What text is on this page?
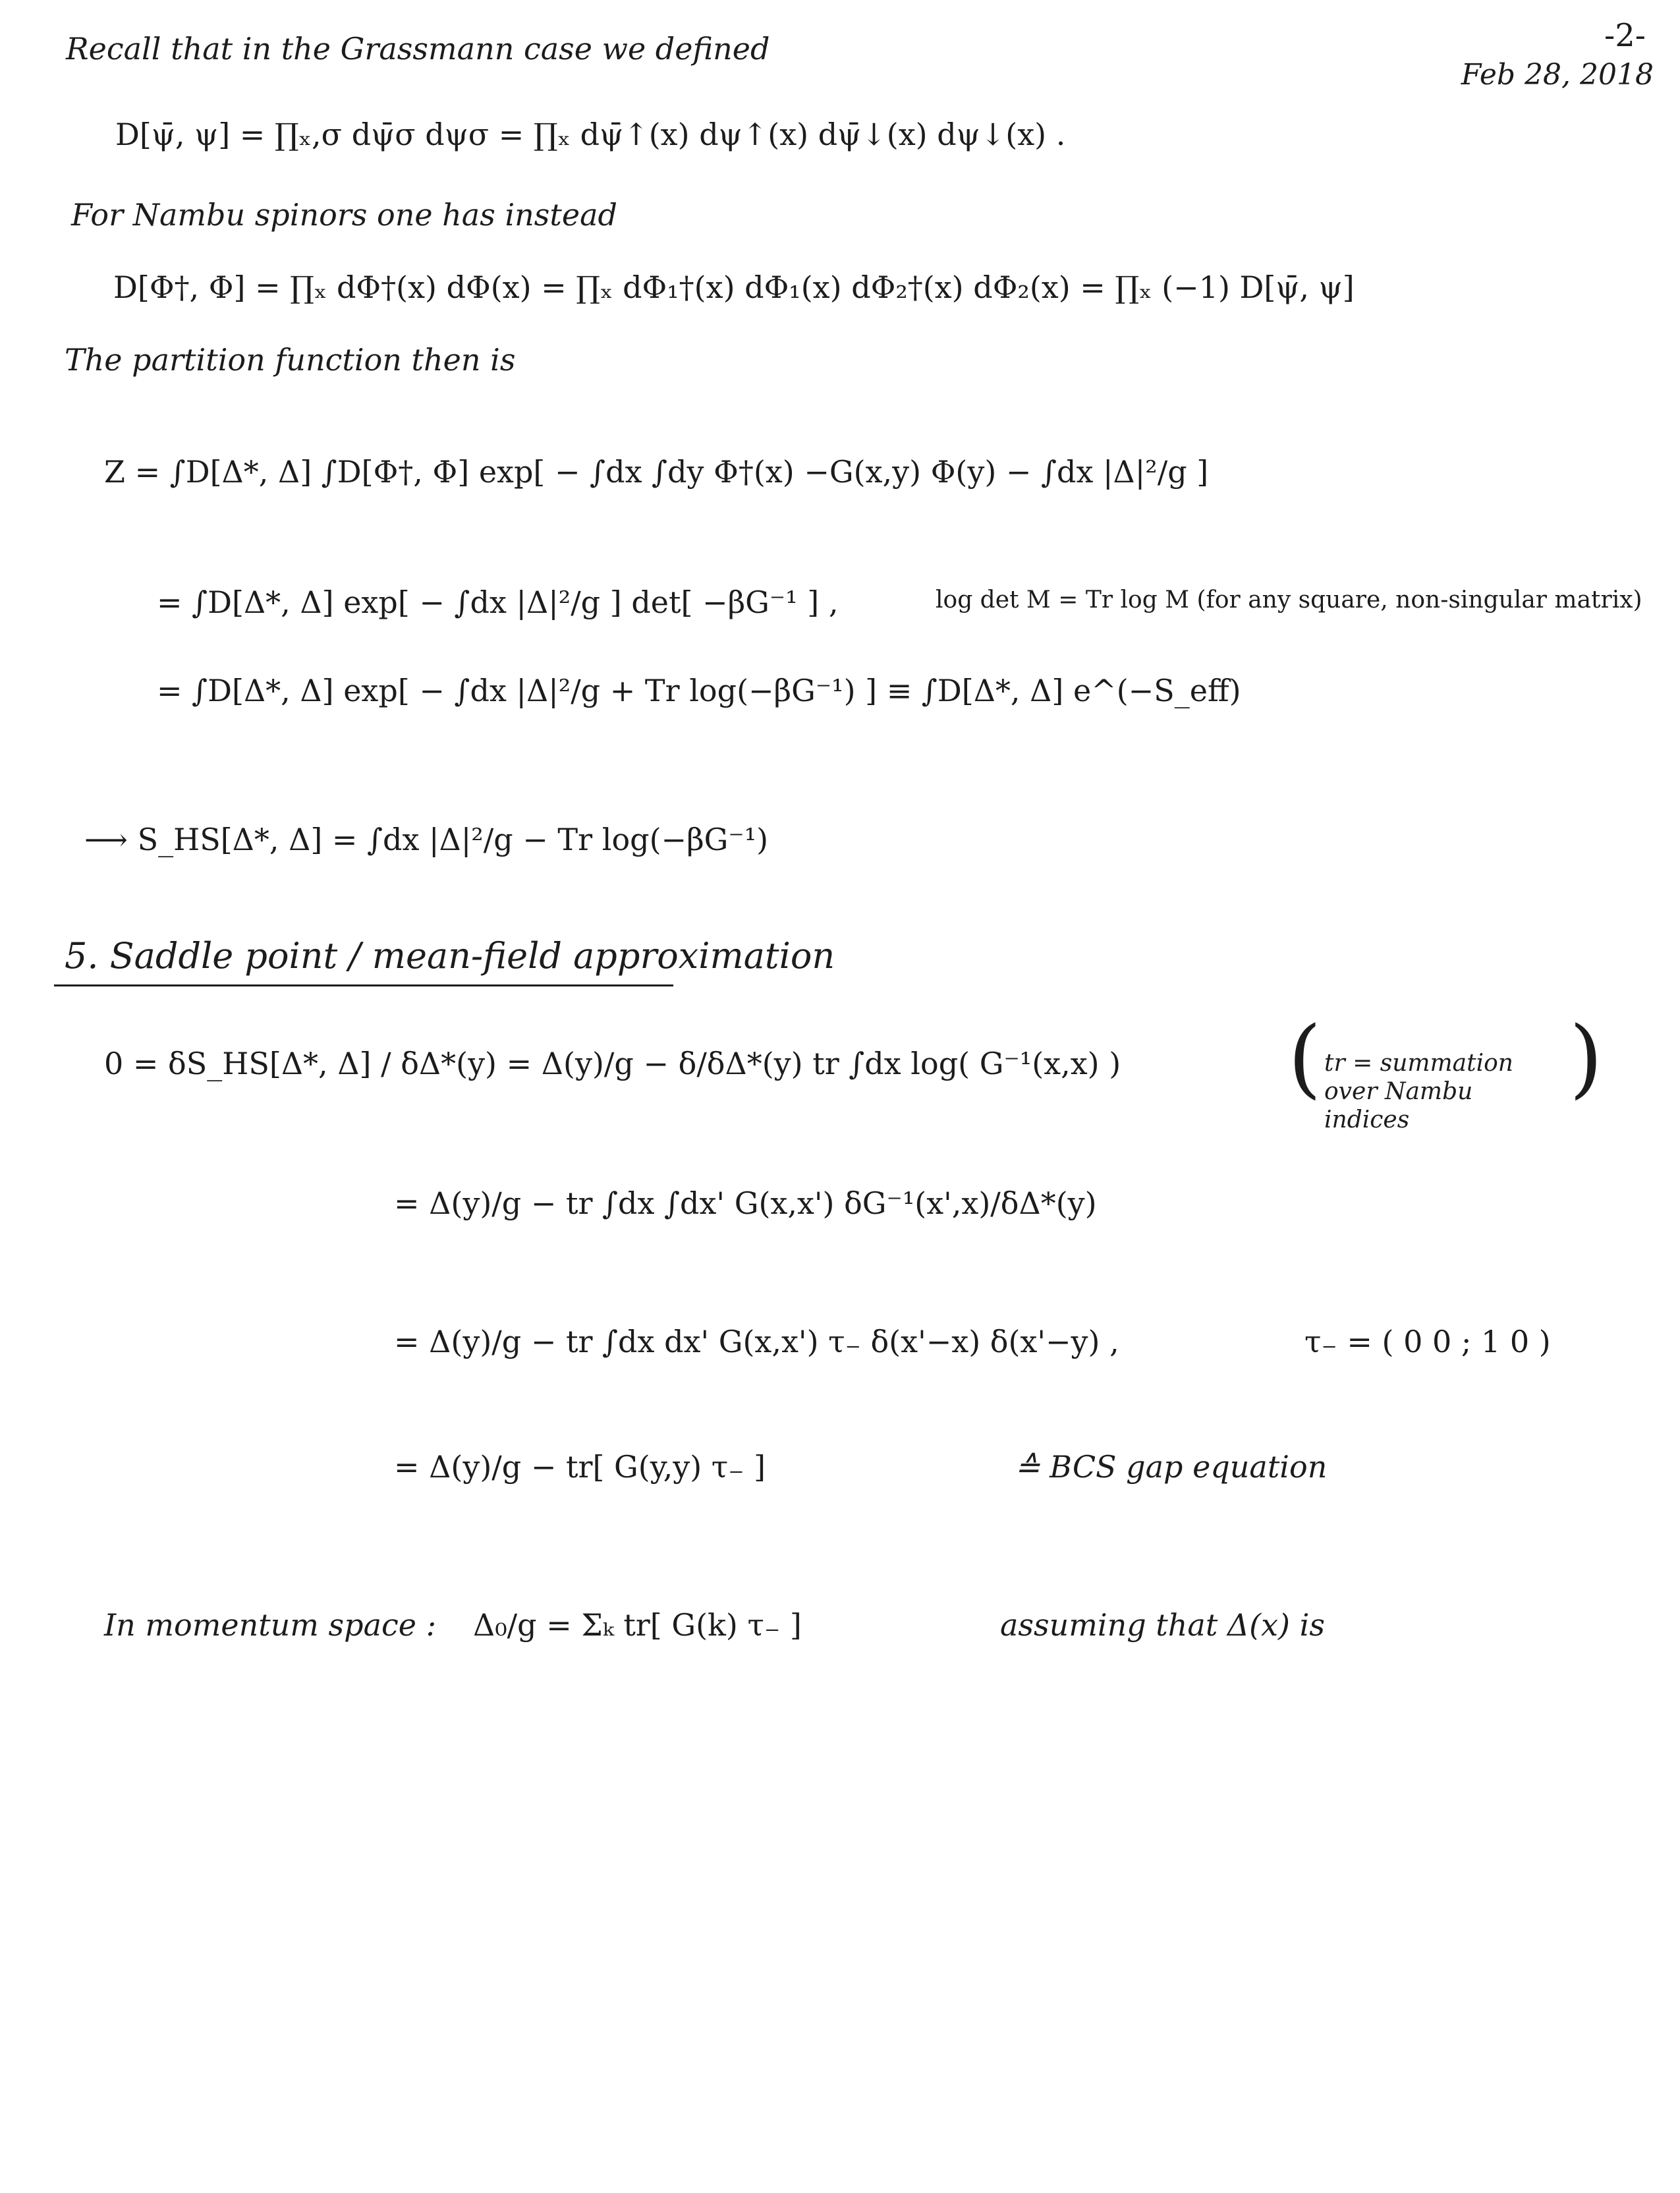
-2-
Feb 28, 2018
Recall that in the Grassmann case we defined
D[ψ̄, ψ] = ∏ₓ,σ dψ̄σ dψσ = ∏ₓ dψ̄↑(x) dψ↑(x) dψ̄↓(x) dψ↓(x) .
For Nambu spinors one has instead
D[Φ†, Φ] = ∏ₓ dΦ†(x) dΦ(x) = ∏ₓ dΦ₁†(x) dΦ₁(x) dΦ₂†(x) dΦ₂(x) = ∏ₓ (−1) D[ψ̄, ψ]
The partition function then is
Z = ∫D[Δ*, Δ] ∫D[Φ†, Φ] exp[ − ∫dx ∫dy Φ†(x) −G(x,y) Φ(y) − ∫dx |Δ|²/g ]
= ∫D[Δ*, Δ] exp[ − ∫dx |Δ|²/g ] det[ −βG⁻¹ ] ,	log det M = Tr log M (for any square, non-singular matrix)
= ∫D[Δ*, Δ] exp[ − ∫dx |Δ|²/g + Tr log(−βG⁻¹) ] ≡ ∫D[Δ*, Δ] e^(−S_eff)
⟶ S_HS[Δ*, Δ] = ∫dx |Δ|²/g − Tr log(−βG⁻¹)
5. Saddle point / mean-field approximation
0 = δS_HS[Δ*, Δ] / δΔ*(y) = Δ(y)/g − δ/δΔ*(y) tr ∫dx log( G⁻¹(x,x) ) ( tr = summation over Nambu indices
)
= Δ(y)/g − tr ∫dx ∫dx' G(x,x') δG⁻¹(x',x)/δΔ*(y)
= Δ(y)/g − tr ∫dx dx' G(x,x') τ₋ δ(x'−x) δ(x'−y) ,	τ₋ = ( 0 0 ; 1 0 )
= Δ(y)/g − tr[ G(y,y) τ₋ ]	≙ BCS gap equation
In momentum space : Δ₀/g = Σₖ tr[ G(k) τ₋ ]	assuming that Δ(x) is
